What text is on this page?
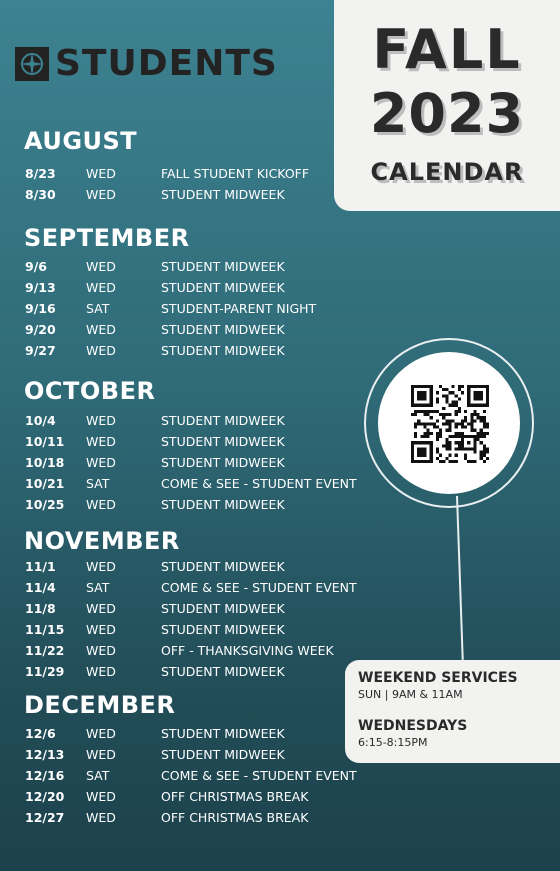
STUDENTS	FALL
2023
CALENDAR
AUGUST
8/23 WED	FALL STUDENT KICKOFF
8/30 WED	STUDENT MIDWEEK
SEPTEMBER
9/6	WED	STUDENT MIDWEEK
9/13 WED	STUDENT MIDWEEK
9/16 SAT	STUDENT-PARENT NIGHT
9/20 WED	STUDENT MIDWEEK
9/27 WED	STUDENT MIDWEEK
OCTOBER
10/4 WED	STUDENT MIDWEEK
10/11 WED	STUDENT MIDWEEK
10/18 WED	STUDENT MIDWEEK
10/21 SAT	COME & SEE - STUDENT EVENT
10/25 WED	STUDENT MIDWEEK
NOVEMBER
11/1 WED	STUDENT MIDWEEK
11/4 SAT	COME & SEE - STUDENT EVENT
11/8 WED	STUDENT MIDWEEK
11/15 WED	STUDENT MIDWEEK
11/22 WED	OFF - THANKSGIVING WEEK
11/29 WED	STUDENT MIDWEEK
DECEMBER
12/6 WED	STUDENT MIDWEEK
12/13 WED	STUDENT MIDWEEK
12/16 SAT	COME & SEE - STUDENT EVENT
12/20 WED	OFF CHRISTMAS BREAK
12/27 WED	OFF CHRISTMAS BREAK
WEEKEND SERVICES
SUN | 9AM & 11AM
WEDNESDAYS
6:15-8:15PM
